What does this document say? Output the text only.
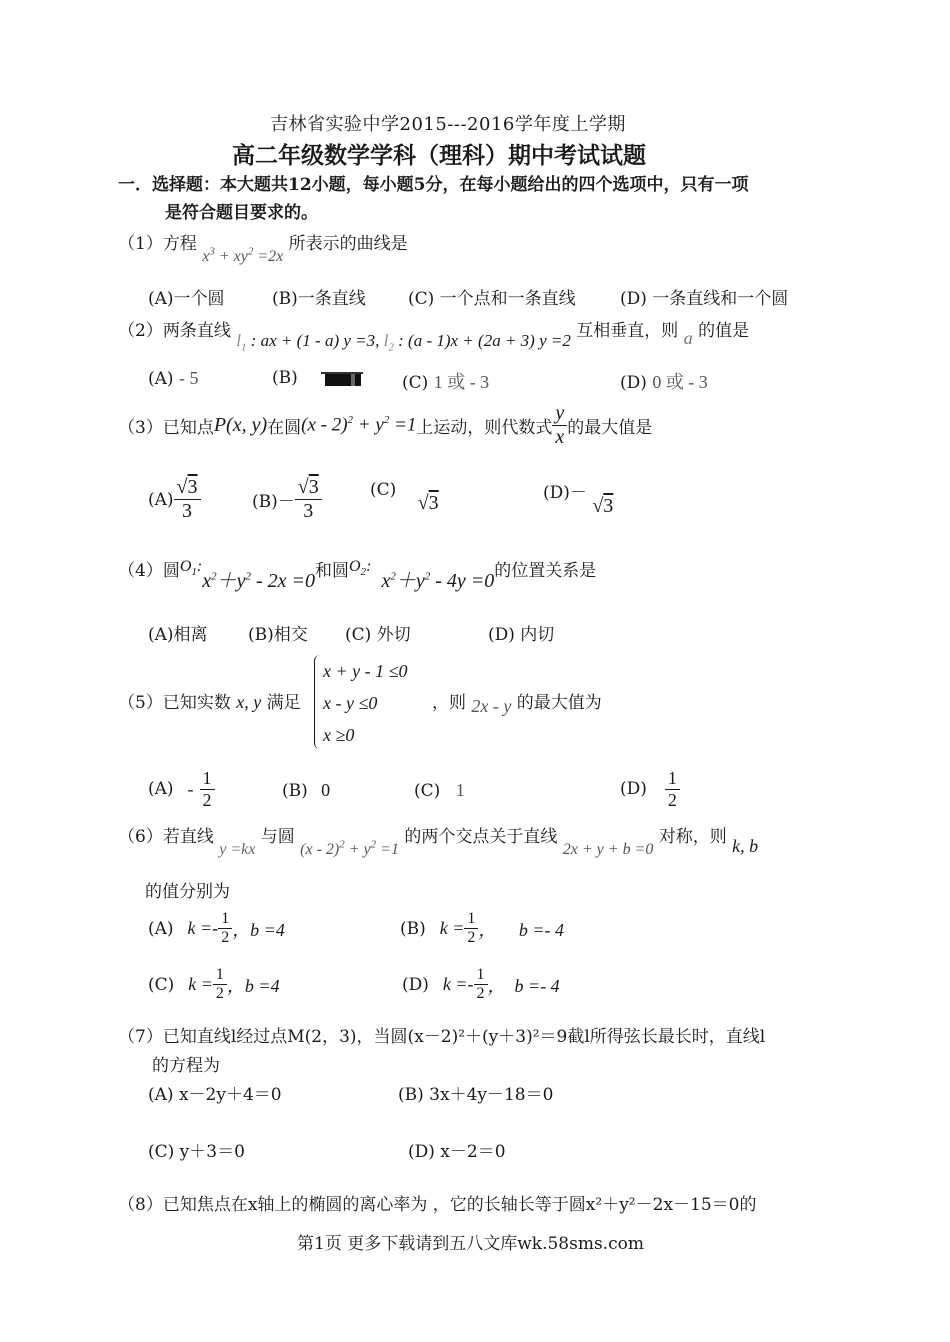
吉林省实验中学2015---2016学年度上学期
高二年级数学学科（理科）期中考试试题
一．选择题：本大题共12小题，每小题5分，在每小题给出的四个选项中，只有一项
是符合题目要求的。
（1）方程 $x^3 + xy^2 =2x$ 所表示的曲线是
(A)一个圆	(B)一条直线 (C) 一个点和一条直线	(D) 一条直线和一个圆
（2）两条直线 $l_1$ : ax + (1 - a) y =3, $l_2$ : (a - 1)x + (2a + 3) y =2 互相垂直，则 a 的值是
(A) - 5	(B)	(C) 1 或 - 3	(D) 0 或 - 3
（3）已知点 P(x, y) 在圆 $(x - 2)^2 + y^2 =1$ 上运动，则代数式 $\frac{y}{x}$ 的最大值是
$(A) \frac{√3}{3}$	$(B)- \frac{√3}{3}$	(C) √3	(D)－ √3
（4）圆 $O_1$:
$x^2+y^2 - 2x =0$ 和圆 $O_2$:
$x^2+y^2 - 4y =0$ 的位置关系是
(A)相离 (B)相交 (C) 外切	(D) 内切
（5）已知实数 x, y 满足
x + y - 1 ≤0
x - y ≤0
x ≥0
，则 2x - y 的最大值为
$(A) - \frac{1}{2}$	(B) 0	(C) 1	$(D) \frac{1}{2}$
（6）若直线 y =kx 与圆 $(x - 2)^2 + y^2 =1$ 的两个交点关于直线 2x + y + b =0 对称，则 k, b
的值分别为
(A) $k =- \frac{1}{2}$ ，b =4	(B) $k = \frac{1}{2}$ ，     b =- 4
(C) $k = \frac{1}{2}$ ，b =4	(D) $k =- \frac{1}{2}$ ，  b =- 4
（7）已知直线l经过点M(2，3)，当圆(x－2)²＋(y＋3)²＝9截l所得弦长最长时，直线l
的方程为
(A) x－2y＋4＝0	(B) 3x＋4y－18＝0
(C) y＋3＝0	(D) x－2＝0
（8）已知焦点在x轴上的椭圆的离心率为 ，它的长轴长等于圆x²＋y²－2x－15＝0的
第1页 更多下载请到五八文库wk.58sms.com
